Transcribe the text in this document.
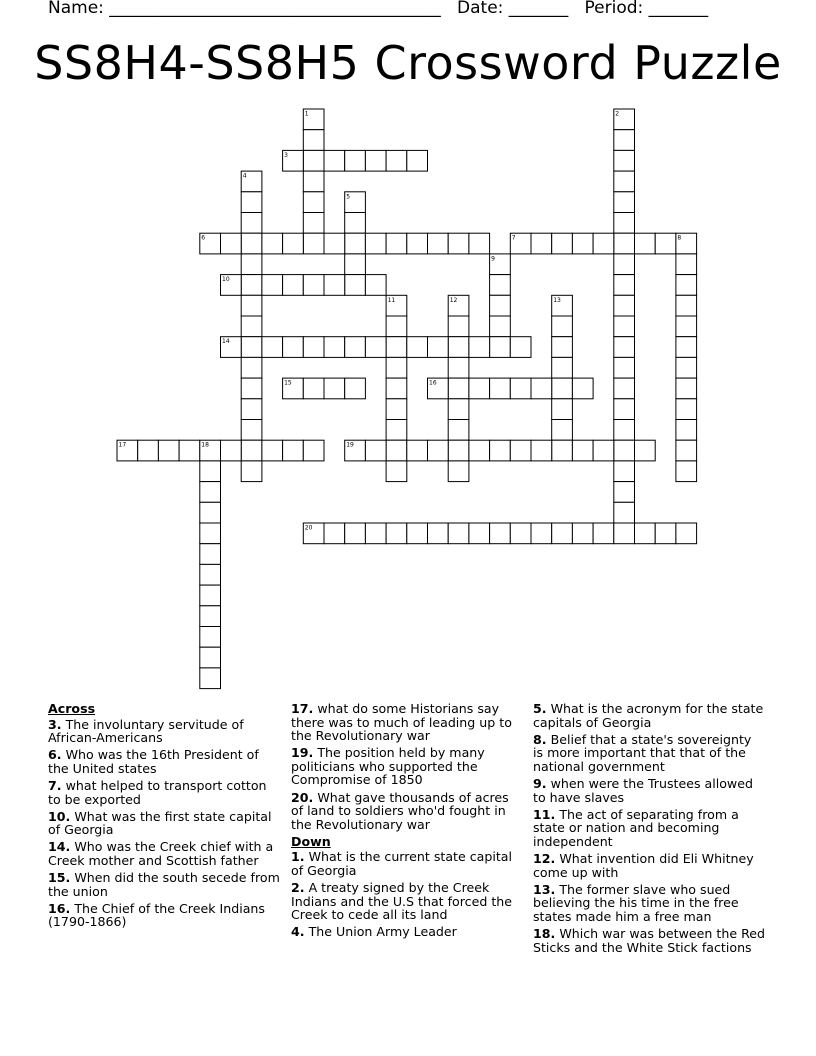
Name: _______________________________________ Date: _______ Period: _______
SS8H4-SS8H5 Crossword Puzzle
1	2
3
4
5
6	7	8
9
10
11	12	13
14
15	16
17	18	19
20
Across
3. The involuntary servitude of African-Americans
6. Who was the 16th President of the United states
7. what helped to transport cotton to be exported
10. What was the first state capital of Georgia
14. Who was the Creek chief with a Creek mother and Scottish father
15. When did the south secede from the union
16. The Chief of the Creek Indians (1790-1866)
17. what do some Historians say there was to much of leading up to the Revolutionary war
19. The position held by many politicians who supported the Compromise of 1850
20. What gave thousands of acres of land to soldiers who'd fought in the Revolutionary war
Down
1. What is the current state capital of Georgia
2. A treaty signed by the Creek Indians and the U.S that forced the Creek to cede all its land
4. The Union Army Leader
5. What is the acronym for the state capitals of Georgia
8. Belief that a state's sovereignty is more important that that of the national government
9. when were the Trustees allowed to have slaves
11. The act of separating from a state or nation and becoming independent
12. What invention did Eli Whitney come up with
13. The former slave who sued believing the his time in the free states made him a free man
18. Which war was between the Red Sticks and the White Stick factions
